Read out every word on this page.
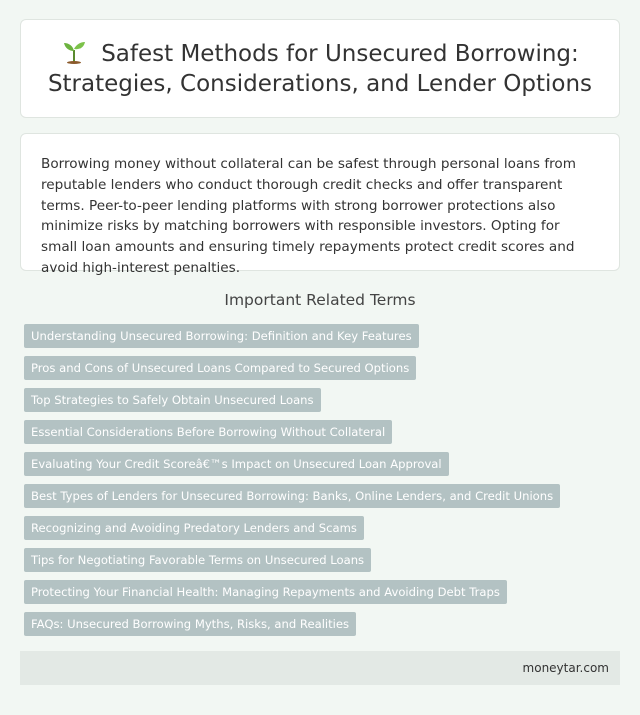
Safest Methods for Unsecured Borrowing: Strategies, Considerations, and Lender Options

Borrowing money without collateral can be safest through personal loans from reputable lenders who conduct thorough credit checks and offer transparent terms. Peer-to-peer lending platforms with strong borrower protections also minimize risks by matching borrowers with responsible investors. Opting for small loan amounts and ensuring timely repayments protect credit scores and avoid high-interest penalties.

Important Related Terms
Understanding Unsecured Borrowing: Definition and Key Features
Pros and Cons of Unsecured Loans Compared to Secured Options
Top Strategies to Safely Obtain Unsecured Loans
Essential Considerations Before Borrowing Without Collateral
Evaluating Your Credit Scoreâ€™s Impact on Unsecured Loan Approval
Best Types of Lenders for Unsecured Borrowing: Banks, Online Lenders, and Credit Unions
Recognizing and Avoiding Predatory Lenders and Scams
Tips for Negotiating Favorable Terms on Unsecured Loans
Protecting Your Financial Health: Managing Repayments and Avoiding Debt Traps
FAQs: Unsecured Borrowing Myths, Risks, and Realities
moneytar.com
